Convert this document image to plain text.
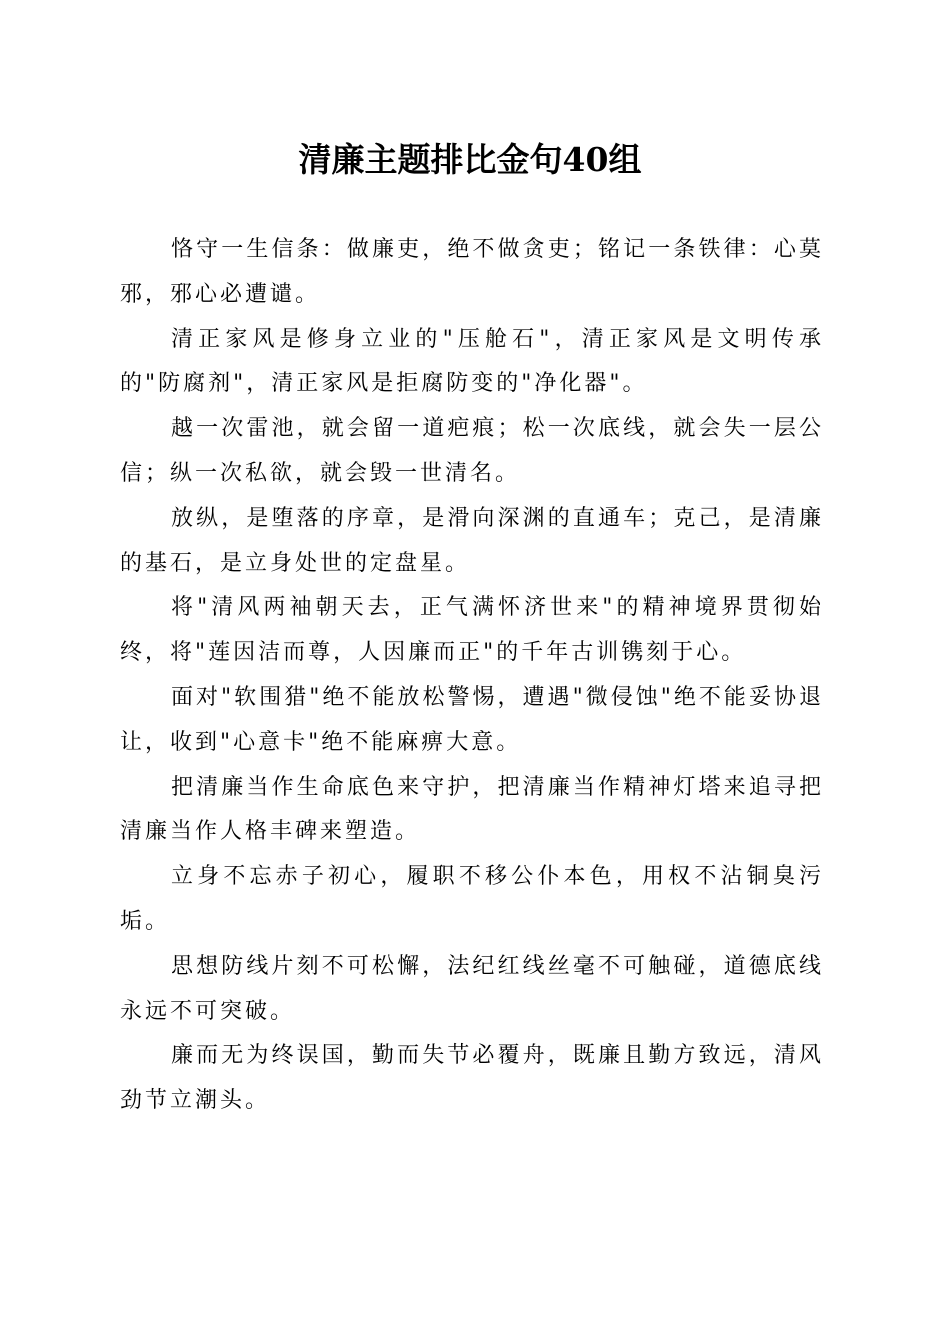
清廉主题排比金句40组

恪守一生信条：做廉吏，绝不做贪吏；铭记一条铁律：心莫邪，邪心必遭谴。

清正家风是修身立业的"压舱石"，清正家风是文明传承的"防腐剂"，清正家风是拒腐防变的"净化器"。

越一次雷池，就会留一道疤痕；松一次底线，就会失一层公信；纵一次私欲，就会毁一世清名。

放纵，是堕落的序章，是滑向深渊的直通车；克己，是清廉的基石，是立身处世的定盘星。

将"清风两袖朝天去，正气满怀济世来"的精神境界贯彻始终，将"莲因洁而尊，人因廉而正"的千年古训镌刻于心。

面对"软围猎"绝不能放松警惕，遭遇"微侵蚀"绝不能妥协退让，收到"心意卡"绝不能麻痹大意。

把清廉当作生命底色来守护，把清廉当作精神灯塔来追寻把清廉当作人格丰碑来塑造。

立身不忘赤子初心，履职不移公仆本色，用权不沾铜臭污垢。

思想防线片刻不可松懈，法纪红线丝毫不可触碰，道德底线永远不可突破。

廉而无为终误国，勤而失节必覆舟，既廉且勤方致远，清风劲节立潮头。
